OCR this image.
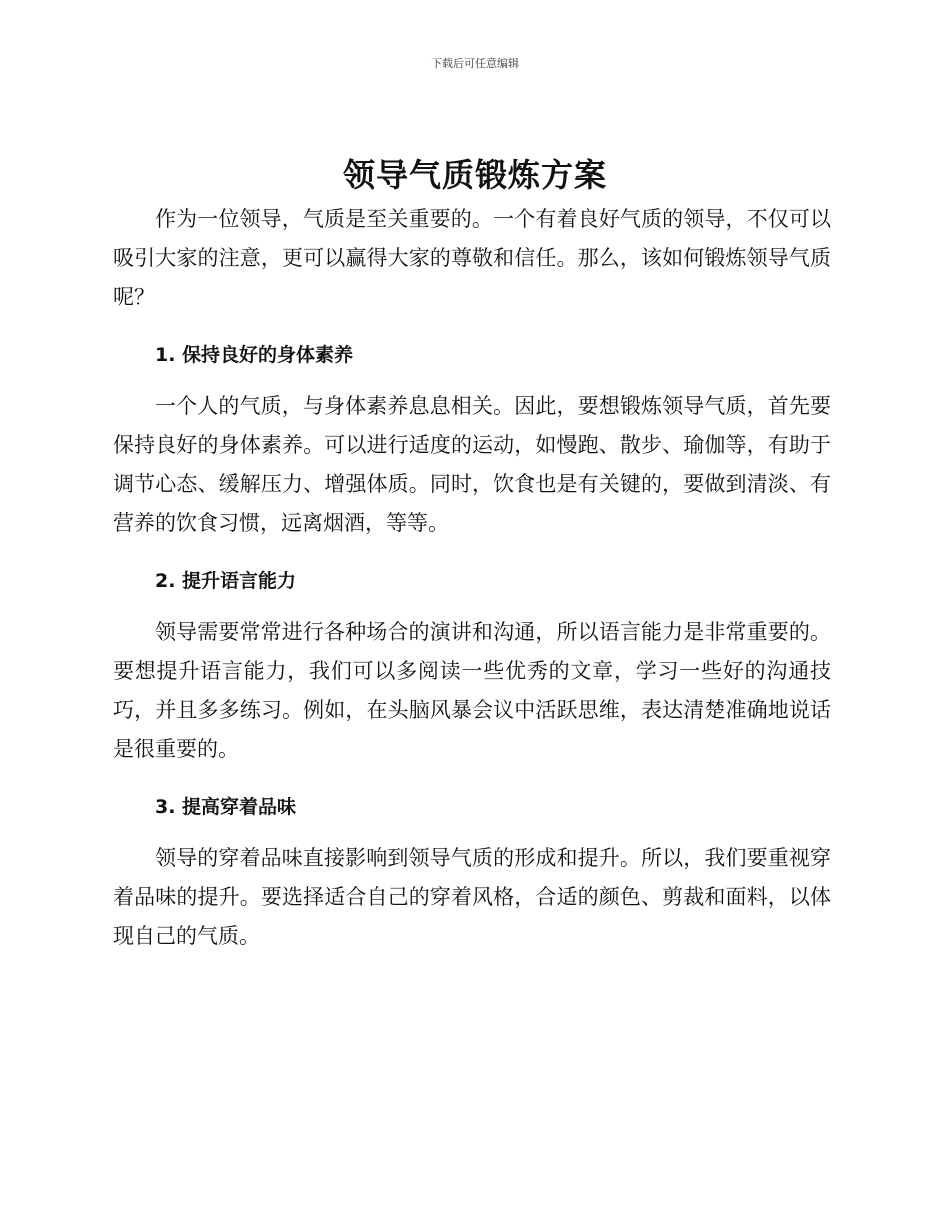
下载后可任意编辑
领导气质锻炼方案

作为一位领导，气质是至关重要的。一个有着良好气质的领导，不仅可以吸引大家的注意，更可以赢得大家的尊敬和信任。那么，该如何锻炼领导气质呢？

1. 保持良好的身体素养

一个人的气质，与身体素养息息相关。因此，要想锻炼领导气质，首先要保持良好的身体素养。可以进行适度的运动，如慢跑、散步、瑜伽等，有助于调节心态、缓解压力、增强体质。同时，饮食也是有关键的，要做到清淡、有营养的饮食习惯，远离烟酒，等等。

2. 提升语言能力

领导需要常常进行各种场合的演讲和沟通，所以语言能力是非常重要的。要想提升语言能力，我们可以多阅读一些优秀的文章，学习一些好的沟通技巧，并且多多练习。例如，在头脑风暴会议中活跃思维，表达清楚准确地说话是很重要的。

3. 提高穿着品味

领导的穿着品味直接影响到领导气质的形成和提升。所以，我们要重视穿着品味的提升。要选择适合自己的穿着风格，合适的颜色、剪裁和面料，以体现自己的气质。
